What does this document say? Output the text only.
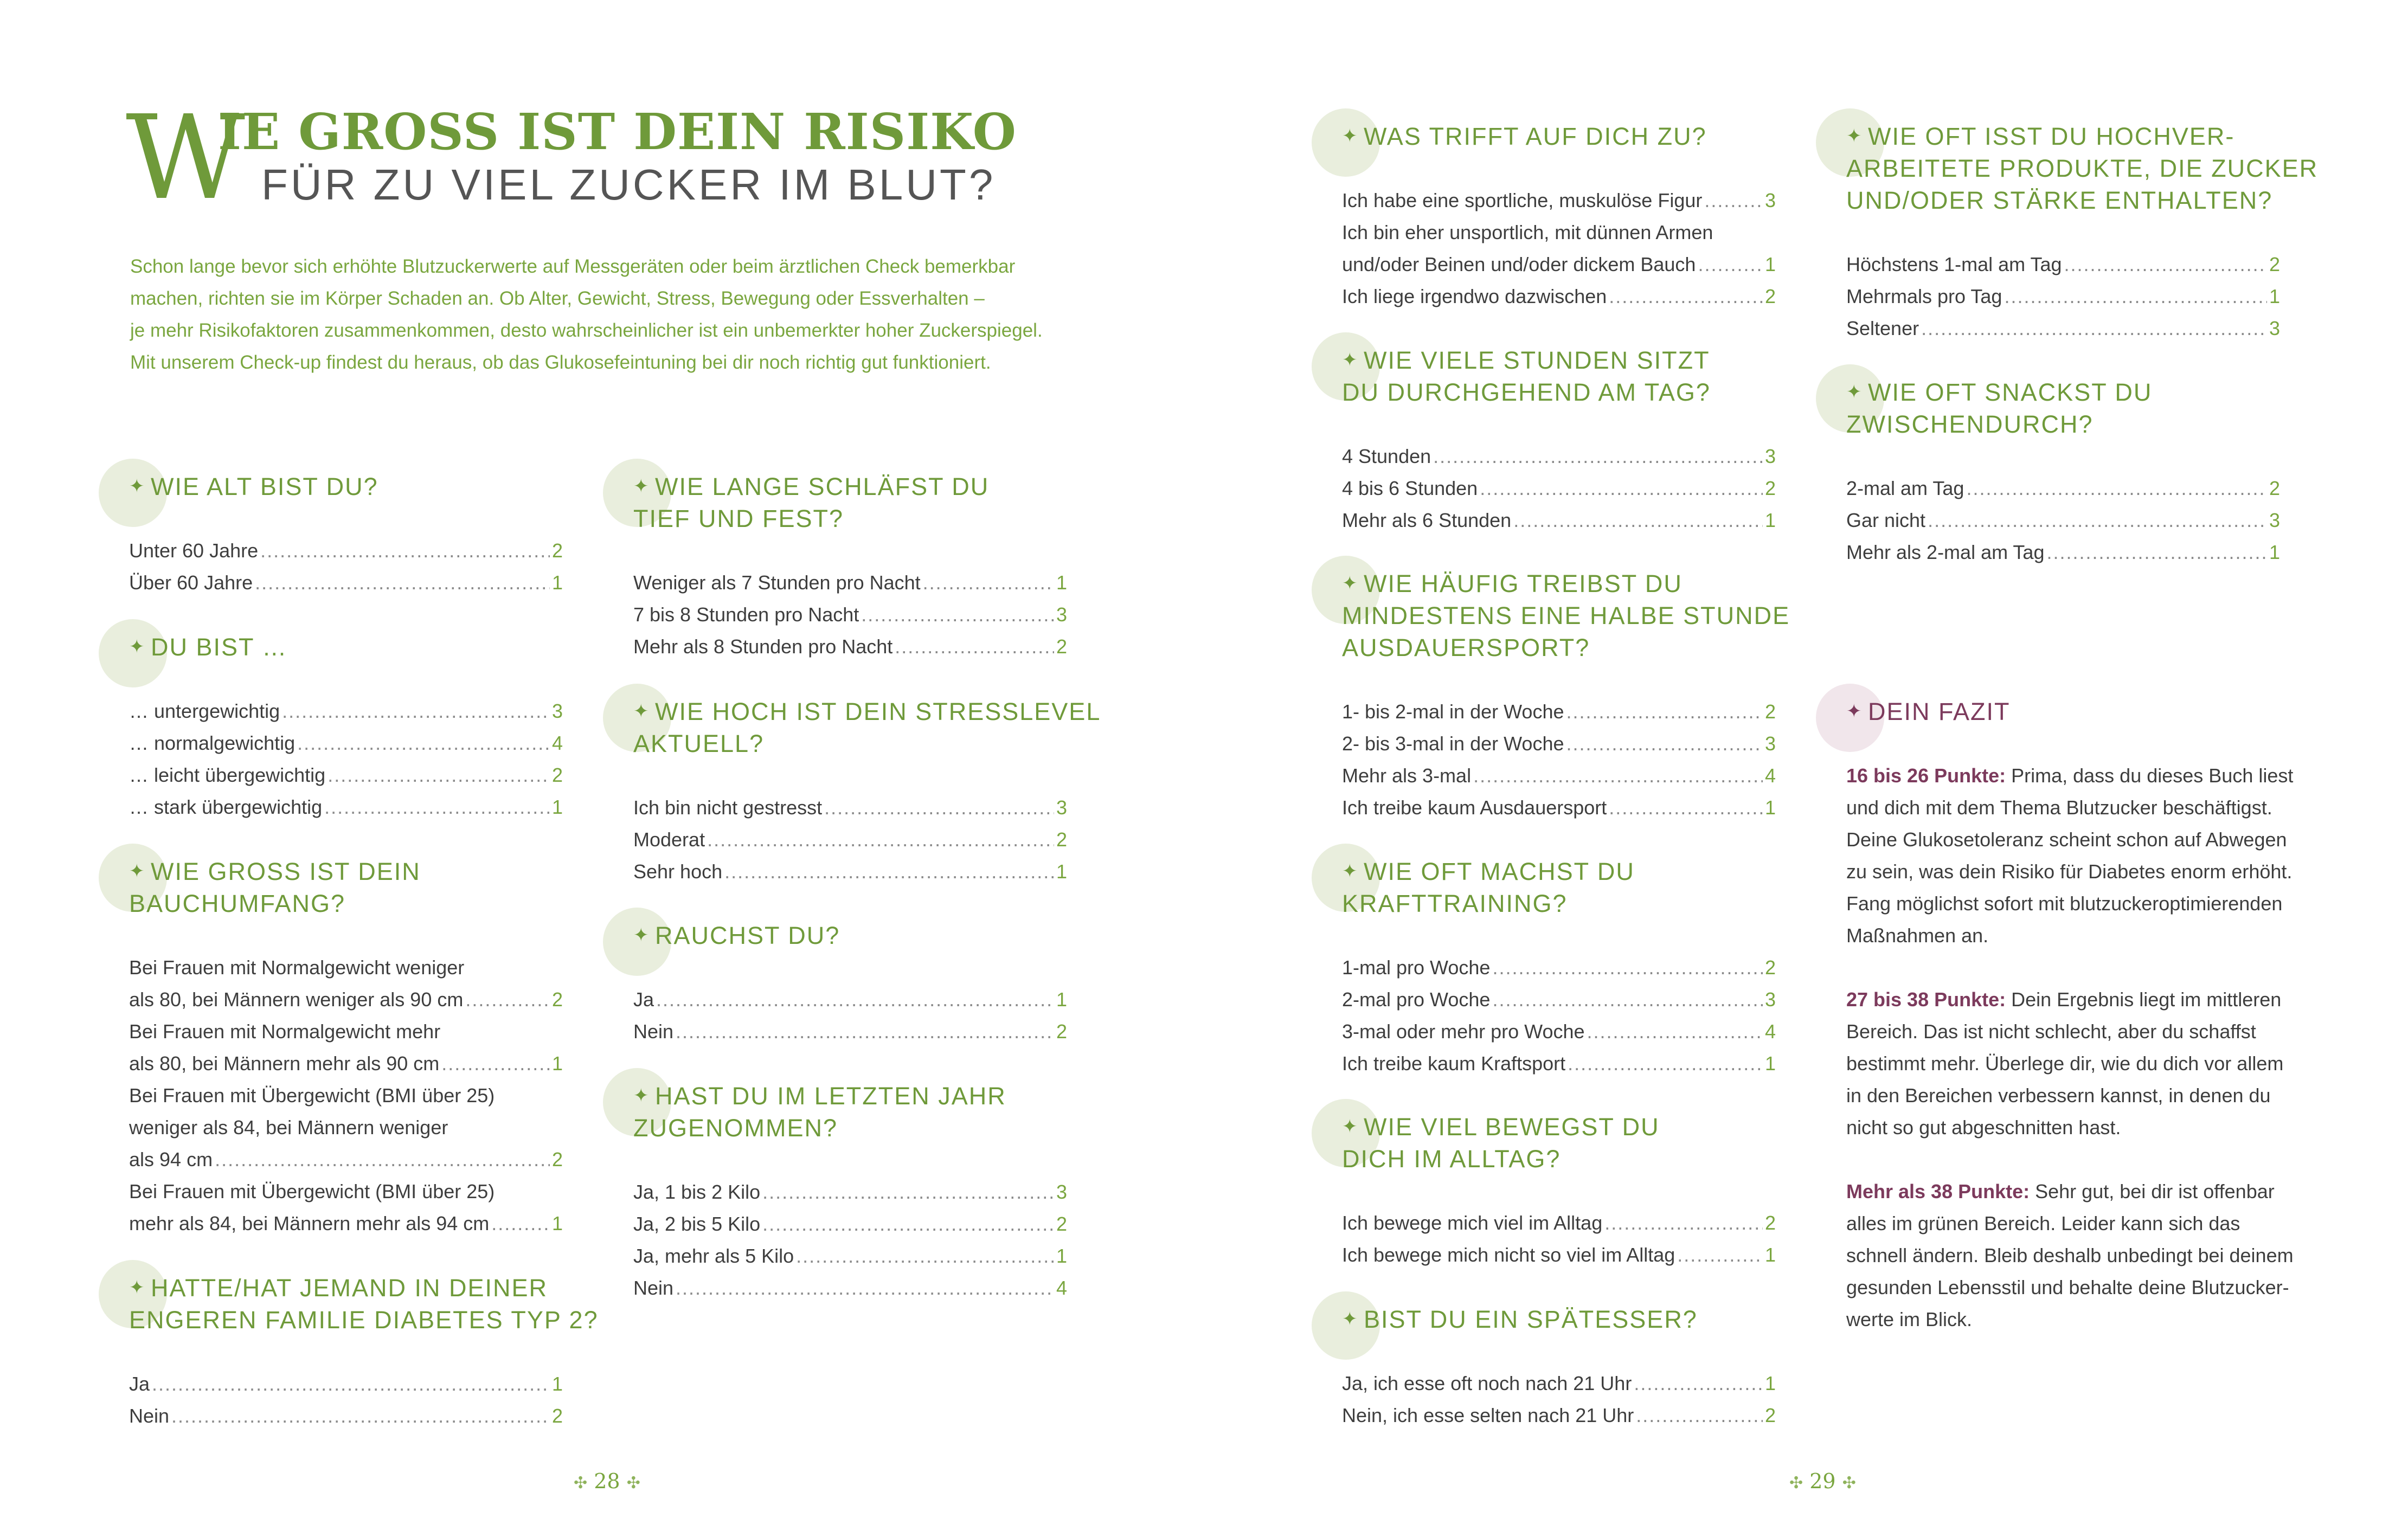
W
IE GROSS IST DEIN RISIKO
FÜR ZU VIEL ZUCKER IM BLUT?

Schon lange bevor sich erhöhte Blutzuckerwerte auf Messgeräten oder beim ärztlichen Check bemerkbar

machen, richten sie im Körper Schaden an. Ob Alter, Gewicht, Stress, Bewegung oder Essverhalten –

je mehr Risikofaktoren zusammenkommen, desto wahrscheinlicher ist ein unbemerkter hoher Zuckerspiegel.

Mit unserem Check-up findest du heraus, ob das Glukosefeintuning bei dir noch richtig gut funktioniert.

✦ WIE ALT BIST DU?
Unter 60 Jahre .....	2
Über 60 Jahre .....	1
✦ DU BIST …
… untergewichtig .....	3
… normalgewichtig .....	4
… leicht übergewichtig .....	2
… stark übergewichtig .....	1
✦ WIE GROSS IST DEIN
BAUCHUMFANG?
Bei Frauen mit Normalgewicht weniger
als 80, bei Männern weniger als 90 cm .....	2
Bei Frauen mit Normalgewicht mehr
als 80, bei Männern mehr als 90 cm .....	1
Bei Frauen mit Übergewicht (BMI über 25)
weniger als 84, bei Männern weniger
als 94 cm .....	2
Bei Frauen mit Übergewicht (BMI über 25)
mehr als 84, bei Männern mehr als 94 cm .....	1
✦ HATTE/HAT JEMAND IN DEINER
ENGEREN FAMILIE DIABETES TYP 2?
Ja .....	1
Nein .....	2
✦ WIE LANGE SCHLÄFST DU
TIEF UND FEST?
Weniger als 7 Stunden pro Nacht .....	1
7 bis 8 Stunden pro Nacht .....	3
Mehr als 8 Stunden pro Nacht .....	2
✦ WIE HOCH IST DEIN STRESSLEVEL
AKTUELL?
Ich bin nicht gestresst .....	3
Moderat .....	2
Sehr hoch .....	1
✦ RAUCHST DU?
Ja .....	1
Nein .....	2
✦ HAST DU IM LETZTEN JAHR
ZUGENOMMEN?
Ja, 1 bis 2 Kilo .....	3
Ja, 2 bis 5 Kilo .....	2
Ja, mehr als 5 Kilo .....	1
Nein .....	4
✦ WAS TRIFFT AUF DICH ZU?
Ich habe eine sportliche, muskulöse Figur .....	3
Ich bin eher unsportlich, mit dünnen Armen
und/oder Beinen und/oder dickem Bauch .....	1
Ich liege irgendwo dazwischen .....	2
✦ WIE VIELE STUNDEN SITZT
DU DURCHGEHEND AM TAG?
4 Stunden .....	3
4 bis 6 Stunden .....	2
Mehr als 6 Stunden .....	1
✦ WIE HÄUFIG TREIBST DU
MINDESTENS EINE HALBE STUNDE
AUSDAUERSPORT?
1- bis 2-mal in der Woche .....	2
2- bis 3-mal in der Woche .....	3
Mehr als 3-mal .....	4
Ich treibe kaum Ausdauersport .....	1
✦ WIE OFT MACHST DU
KRAFTTRAINING?
1-mal pro Woche .....	2
2-mal pro Woche .....	3
3-mal oder mehr pro Woche .....	4
Ich treibe kaum Kraftsport .....	1
✦ WIE VIEL BEWEGST DU
DICH IM ALLTAG?
Ich bewege mich viel im Alltag .....	2
Ich bewege mich nicht so viel im Alltag .....	1
✦ BIST DU EIN SPÄTESSER?
Ja, ich esse oft noch nach 21 Uhr .....	1
Nein, ich esse selten nach 21 Uhr .....	2
✦ WIE OFT ISST DU HOCHVER-
ARBEITETE PRODUKTE, DIE ZUCKER
UND/ODER STÄRKE ENTHALTEN?
Höchstens 1-mal am Tag .....	2
Mehrmals pro Tag .....	1
Seltener .....	3
✦ WIE OFT SNACKST DU
ZWISCHENDURCH?
2-mal am Tag .....	2
Gar nicht .....	3
Mehr als 2-mal am Tag .....	1
✦ DEIN FAZIT

16 bis 26 Punkte: Prima, dass du dieses Buch liest

und dich mit dem Thema Blutzucker beschäftigst.

Deine Glukosetoleranz scheint schon auf Abwegen

zu sein, was dein Risiko für Diabetes enorm erhöht.

Fang möglichst sofort mit blutzuckeroptimierenden

Maßnahmen an.

27 bis 38 Punkte: Dein Ergebnis liegt im mittleren

Bereich. Das ist nicht schlecht, aber du schaffst

bestimmt mehr. Überlege dir, wie du dich vor allem

in den Bereichen verbessern kannst, in denen du

nicht so gut abgeschnitten hast.

Mehr als 38 Punkte: Sehr gut, bei dir ist offenbar

alles im grünen Bereich. Leider kann sich das

schnell ändern. Bleib deshalb unbedingt bei deinem

gesunden Lebensstil und behalte deine Blutzucker-

werte im Blick.

✣ 28 ✣	✣ 29 ✣
